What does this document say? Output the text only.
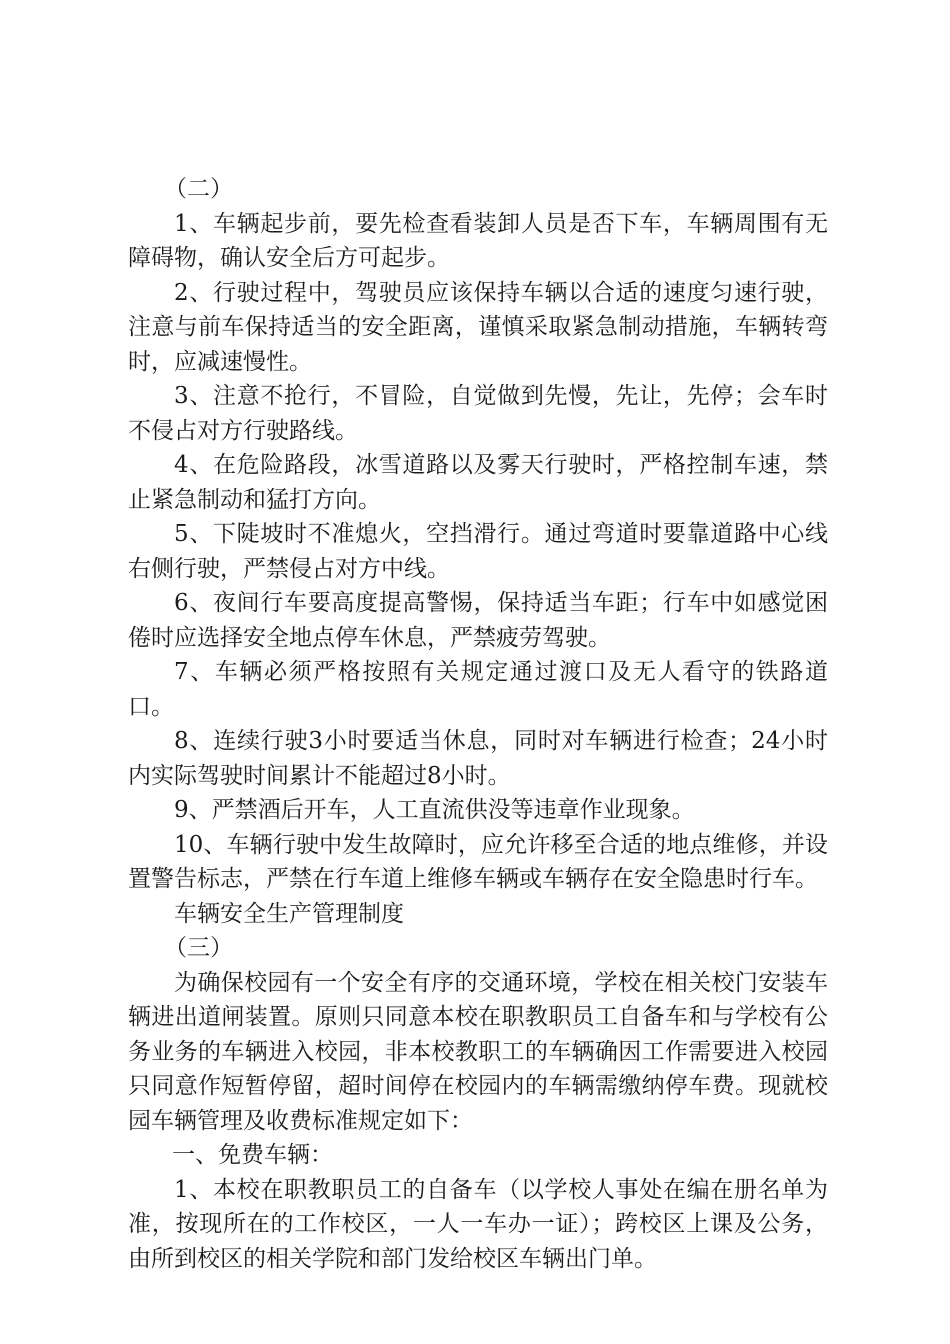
（二）

1、车辆起步前，要先检查看装卸人员是否下车，车辆周围有无障碍物，确认安全后方可起步。

2、行驶过程中，驾驶员应该保持车辆以合适的速度匀速行驶，注意与前车保持适当的安全距离，谨慎采取紧急制动措施，车辆转弯时，应减速慢性。

3、注意不抢行，不冒险，自觉做到先慢，先让，先停；会车时不侵占对方行驶路线。

4、在危险路段，冰雪道路以及雾天行驶时，严格控制车速，禁止紧急制动和猛打方向。

5、下陡坡时不准熄火，空挡滑行。通过弯道时要靠道路中心线右侧行驶，严禁侵占对方中线。

6、夜间行车要高度提高警惕，保持适当车距；行车中如感觉困倦时应选择安全地点停车休息，严禁疲劳驾驶。

7、车辆必须严格按照有关规定通过渡口及无人看守的铁路道口。

8、连续行驶3小时要适当休息，同时对车辆进行检查；24小时内实际驾驶时间累计不能超过8小时。

9、严禁酒后开车，人工直流供没等违章作业现象。

10、车辆行驶中发生故障时，应允许移至合适的地点维修，并设置警告标志，严禁在行车道上维修车辆或车辆存在安全隐患时行车。

车辆安全生产管理制度

（三）

为确保校园有一个安全有序的交通环境，学校在相关校门安装车辆进出道闸装置。原则只同意本校在职教职员工自备车和与学校有公务业务的车辆进入校园，非本校教职工的车辆确因工作需要进入校园只同意作短暂停留，超时间停在校园内的车辆需缴纳停车费。现就校园车辆管理及收费标准规定如下：

一、免费车辆：

1、本校在职教职员工的自备车（以学校人事处在编在册名单为准，按现所在的工作校区，一人一车办一证）；跨校区上课及公务，由所到校区的相关学院和部门发给校区车辆出门单。
